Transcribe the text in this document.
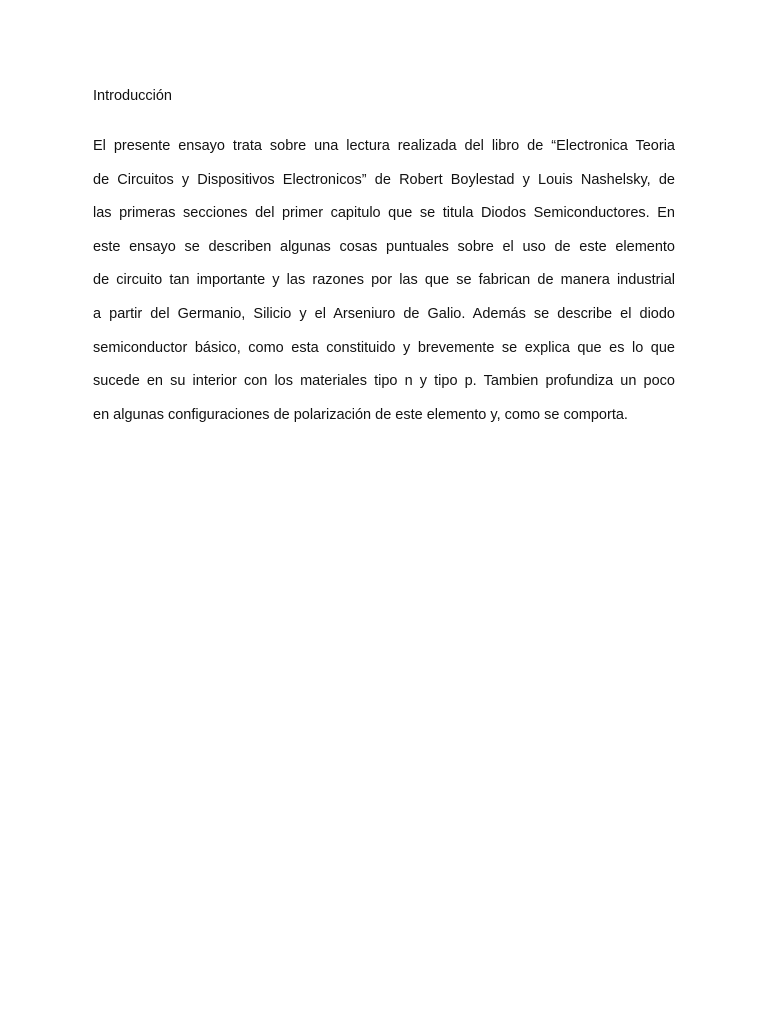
Introducción
El presente ensayo trata sobre una lectura realizada del libro de “Electronica Teoria
de Circuitos y Dispositivos Electronicos” de Robert Boylestad y Louis Nashelsky, de
las primeras secciones del primer capitulo que se titula Diodos Semiconductores. En
este ensayo se describen algunas cosas puntuales sobre el uso de este elemento
de circuito tan importante y las razones por las que se fabrican de manera industrial
a partir del Germanio, Silicio y el Arseniuro de Galio. Además se describe el diodo
semiconductor básico, como esta constituido y brevemente se explica que es lo que
sucede en su interior con los materiales tipo n y tipo p. Tambien profundiza un poco
en algunas configuraciones de polarización de este elemento y, como se comporta.
